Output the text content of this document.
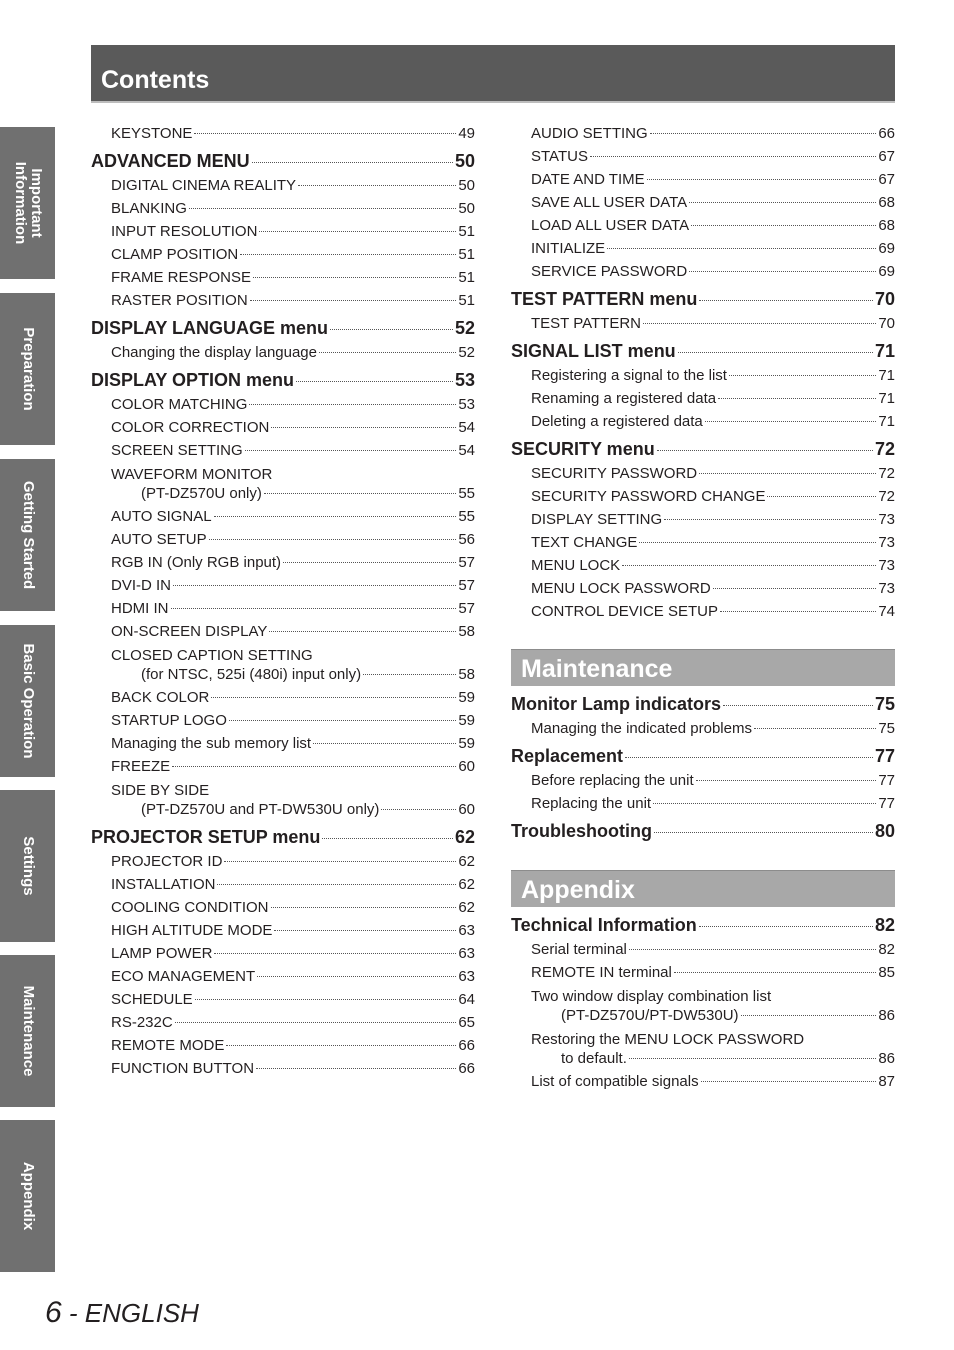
Contents
Important
Information
Preparation
Getting Started
Basic Operation
Settings
Maintenance
Appendix
KEYSTONE	49
ADVANCED MENU	50
DIGITAL CINEMA REALITY	50
BLANKING	50
INPUT RESOLUTION	51
CLAMP POSITION	51
FRAME RESPONSE	51
RASTER POSITION	51
DISPLAY LANGUAGE menu	52
Changing the display language	52
DISPLAY OPTION menu	53
COLOR MATCHING	53
COLOR CORRECTION	54
SCREEN SETTING	54
WAVEFORM MONITOR
(PT-DZ570U only)	55
AUTO SIGNAL	55
AUTO SETUP	56
RGB IN (Only RGB input)	57
DVI-D IN	57
HDMI IN	57
ON-SCREEN DISPLAY	58
CLOSED CAPTION SETTING
(for NTSC, 525i (480i) input only)	58
BACK COLOR	59
STARTUP LOGO	59
Managing the sub memory list	59
FREEZE	60
SIDE BY SIDE
(PT-DZ570U and PT-DW530U only)	60
PROJECTOR SETUP menu	62
PROJECTOR ID	62
INSTALLATION	62
COOLING CONDITION	62
HIGH ALTITUDE MODE	63
LAMP POWER	63
ECO MANAGEMENT	63
SCHEDULE	64
RS-232C	65
REMOTE MODE	66
FUNCTION BUTTON	66
AUDIO SETTING	66
STATUS	67
DATE AND TIME	67
SAVE ALL USER DATA	68
LOAD ALL USER DATA	68
INITIALIZE	69
SERVICE PASSWORD	69
TEST PATTERN menu	70
TEST PATTERN	70
SIGNAL LIST menu	71
Registering a signal to the list	71
Renaming a registered data	71
Deleting a registered data	71
SECURITY menu	72
SECURITY PASSWORD	72
SECURITY PASSWORD CHANGE	72
DISPLAY SETTING	73
TEXT CHANGE	73
MENU LOCK	73
MENU LOCK PASSWORD	73
CONTROL DEVICE SETUP	74
Maintenance
Monitor Lamp indicators	75
Managing the indicated problems	75
Replacement	77
Before replacing the unit	77
Replacing the unit	77
Troubleshooting	80
Appendix
Technical Information	82
Serial terminal	82
REMOTE IN terminal	85
Two window display combination list
(PT-DZ570U/PT-DW530U)	86
Restoring the MENU LOCK PASSWORD
to default.	86
List of compatible signals	87
6 - ENGLISH
